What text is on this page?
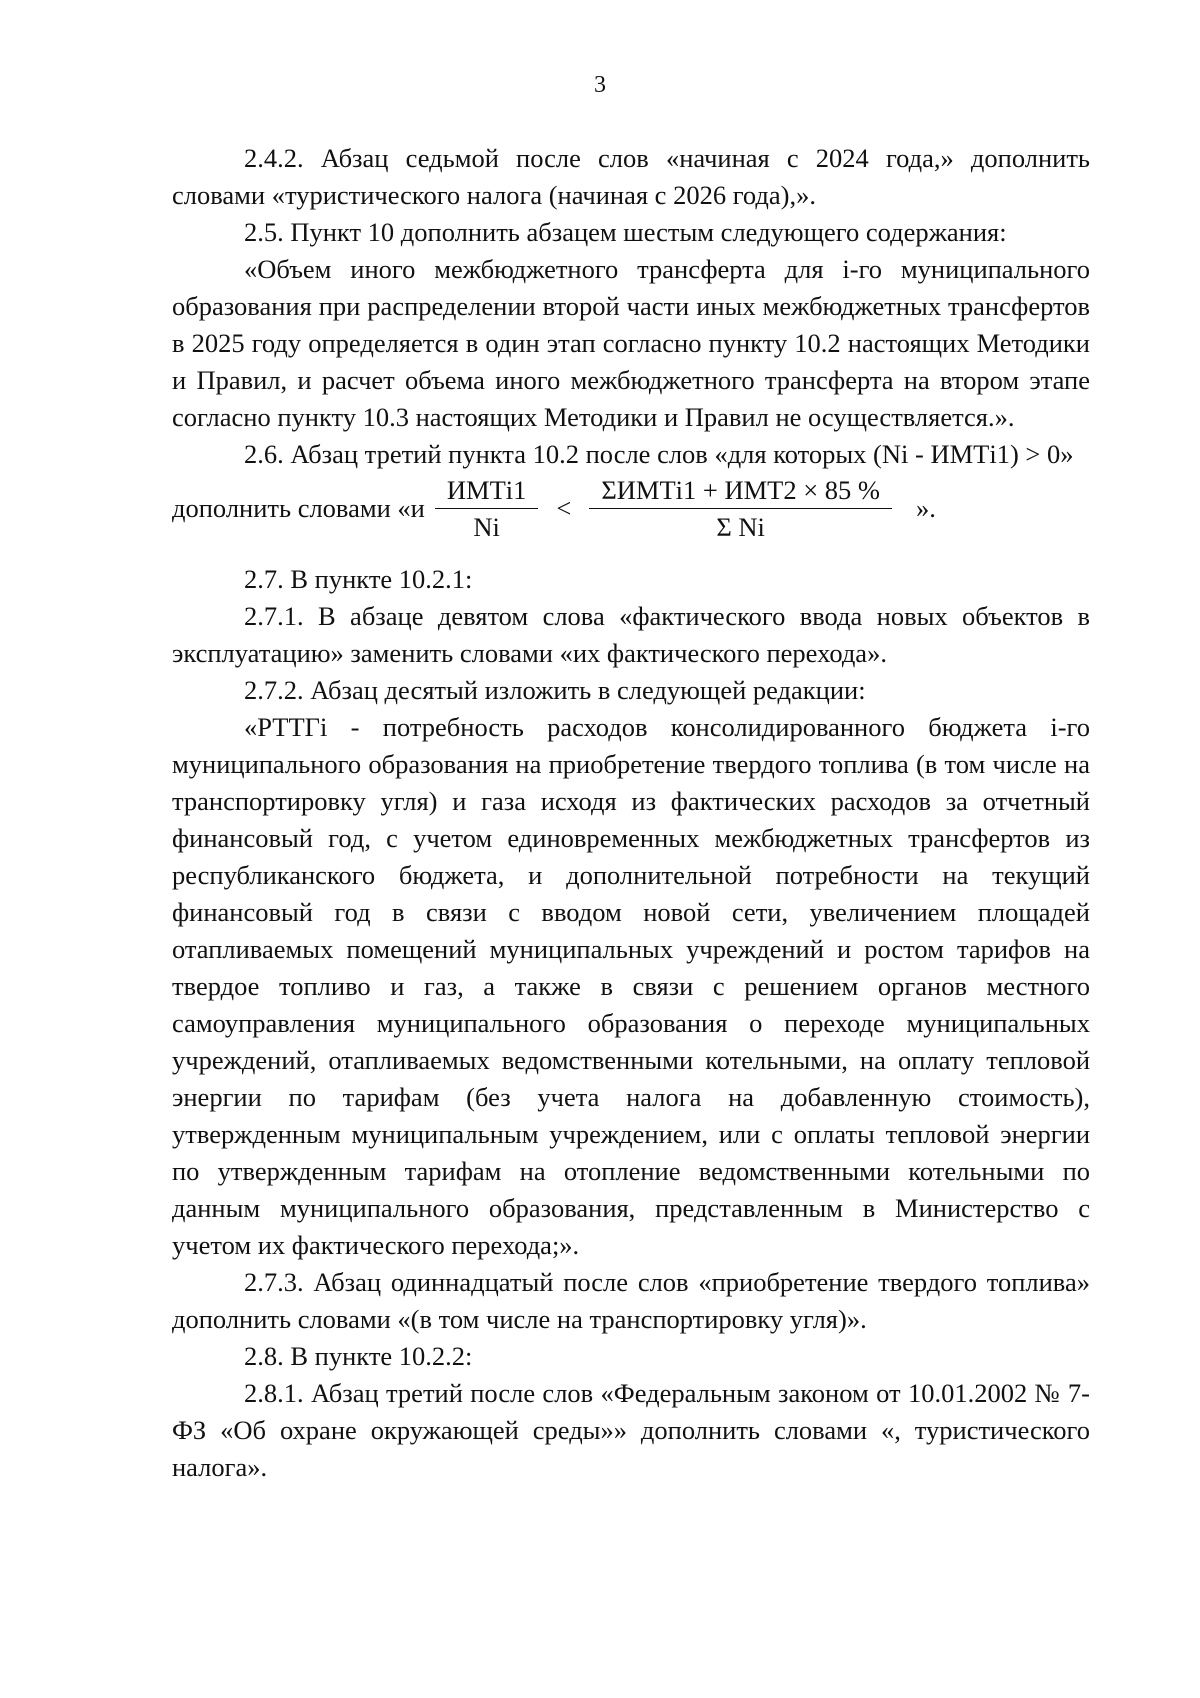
3

2.4.2. Абзац седьмой после слов «начиная с 2024 года,» дополнить словами «туристического налога (начиная с 2026 года),».

2.5. Пункт 10 дополнить абзацем шестым следующего содержания:

«Объем иного межбюджетного трансферта для i-го муниципального образования при распределении второй части иных межбюджетных трансфертов в 2025 году определяется в один этап согласно пункту 10.2 настоящих Методики и Правил, и расчет объема иного межбюджетного трансферта на втором этапе согласно пункту 10.3 настоящих Методики и Правил не осуществляется.».

2.6. Абзац третий пункта 10.2 после слов «для которых (Ni - ИМТi1) > 0»

дополнить словами «$и \frac{\text{ИМТi1}}{Ni} < \frac{\text{ΣИМТi1 + ИМТ2 × 85 \%}}{\text{Σ Ni}}$ ».

2.7. В пункте 10.2.1:

2.7.1. В абзаце девятом слова «фактического ввода новых объектов в эксплуатацию» заменить словами «их фактического перехода».

2.7.2. Абзац десятый изложить в следующей редакции:

«РТТГi - потребность расходов консолидированного бюджета i-го муниципального образования на приобретение твердого топлива (в том числе на транспортировку угля) и газа исходя из фактических расходов за отчетный финансовый год, с учетом единовременных межбюджетных трансфертов из республиканского бюджета, и дополнительной потребности на текущий финансовый год в связи с вводом новой сети, увеличением площадей отапливаемых помещений муниципальных учреждений и ростом тарифов на твердое топливо и газ, а также в связи с решением органов местного самоуправления муниципального образования о переходе муниципальных учреждений, отапливаемых ведомственными котельными, на оплату тепловой энергии по тарифам (без учета налога на добавленную стоимость), утвержденным муниципальным учреждением, или с оплаты тепловой энергии по утвержденным тарифам на отопление ведомственными котельными по данным муниципального образования, представленным в Министерство с учетом их фактического перехода;».

2.7.3. Абзац одиннадцатый после слов «приобретение твердого топлива» дополнить словами «(в том числе на транспортировку угля)».

2.8. В пункте 10.2.2:

2.8.1. Абзац третий после слов «Федеральным законом от 10.01.2002 № 7-ФЗ «Об охране окружающей среды»» дополнить словами «, туристического налога».
